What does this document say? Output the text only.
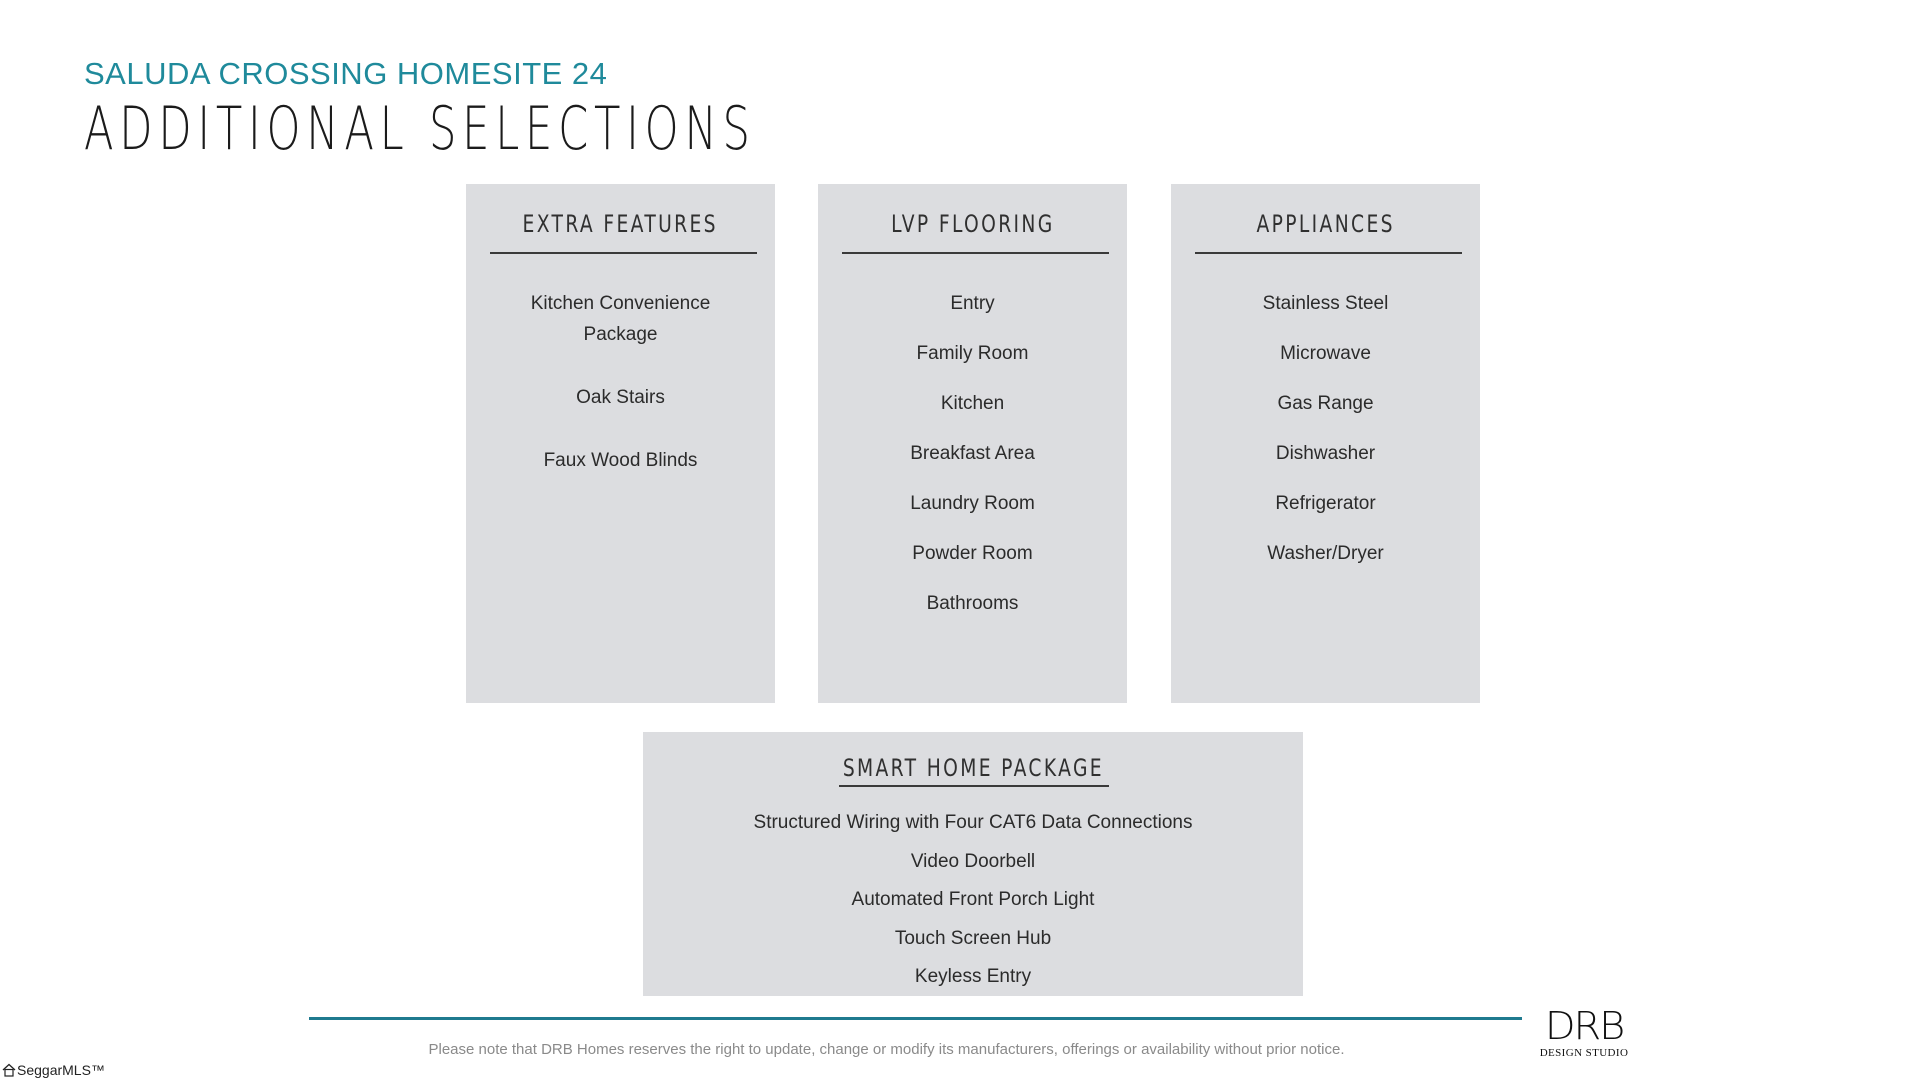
SALUDA CROSSING HOMESITE 24
ADDITIONAL SELECTIONS
EXTRA FEATURES
Kitchen Convenience Package
Oak Stairs
Faux Wood Blinds
LVP FLOORING
Entry
Family Room
Kitchen
Breakfast Area
Laundry Room
Powder Room
Bathrooms
APPLIANCES
Stainless Steel
Microwave
Gas Range
Dishwasher
Refrigerator
Washer/Dryer
SMART HOME PACKAGE
Structured Wiring with Four CAT6 Data Connections
Video Doorbell
Automated Front Porch Light
Touch Screen Hub
Keyless Entry
Please note that DRB Homes reserves the right to update, change or modify its manufacturers, offerings or availability without prior notice.
DRB
DESIGN STUDIO
SeggarMLS™
